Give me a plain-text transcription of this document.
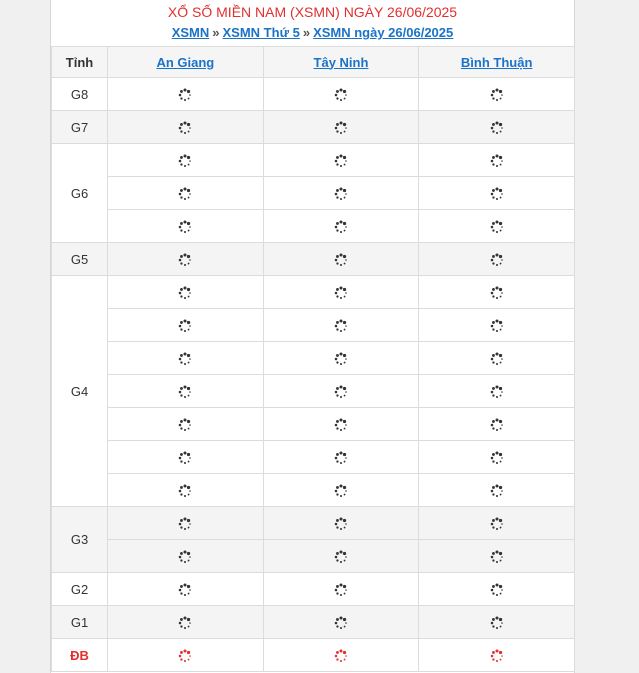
XỔ SỐ MIỀN NAM (XSMN) NGÀY 26/06/2025
XSMN » XSMN Thứ 5 » XSMN ngày 26/06/2025
Tỉnh	An Giang	Tây Ninh	Bình Thuận
G8			
G7			
G6			

G5			
G4			

G3			

G2			
G1			
ĐB			
